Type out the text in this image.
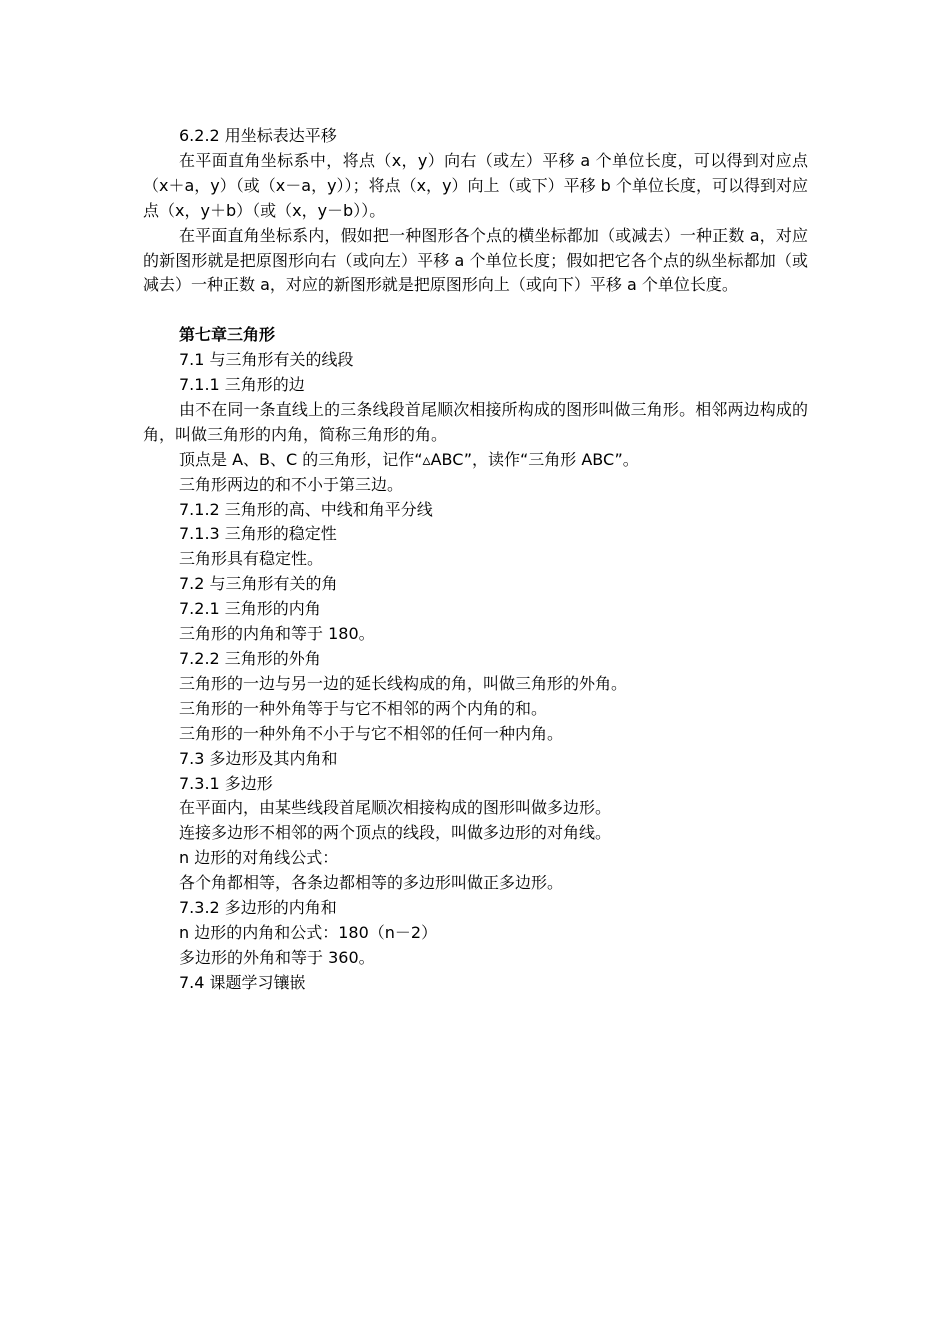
6.2.2 用坐标表达平移
在平面直角坐标系中，将点（x，y）向右（或左）平移 a 个单位长度，可以得到对应点（x＋a，y）（或（x－a，y））；将点（x，y）向上（或下）平移 b 个单位长度，可以得到对应点（x，y＋b）（或（x，y－b））。
在平面直角坐标系内，假如把一种图形各个点的横坐标都加（或减去）一种正数 a，对应的新图形就是把原图形向右（或向左）平移 a 个单位长度；假如把它各个点的纵坐标都加（或减去）一种正数 a，对应的新图形就是把原图形向上（或向下）平移 a 个单位长度。
第七章三角形
7.1 与三角形有关的线段
7.1.1 三角形的边
由不在同一条直线上的三条线段首尾顺次相接所构成的图形叫做三角形。相邻两边构成的角，叫做三角形的内角，简称三角形的角。
顶点是 A、B、C 的三角形，记作“▵ABC”，读作“三角形 ABC”。
三角形两边的和不小于第三边。
7.1.2 三角形的高、中线和角平分线
7.1.3 三角形的稳定性
三角形具有稳定性。
7.2 与三角形有关的角
7.2.1 三角形的内角
三角形的内角和等于 180。
7.2.2 三角形的外角
三角形的一边与另一边的延长线构成的角，叫做三角形的外角。
三角形的一种外角等于与它不相邻的两个内角的和。
三角形的一种外角不小于与它不相邻的任何一种内角。
7.3 多边形及其内角和
7.3.1 多边形
在平面内，由某些线段首尾顺次相接构成的图形叫做多边形。
连接多边形不相邻的两个顶点的线段，叫做多边形的对角线。
n 边形的对角线公式：
各个角都相等，各条边都相等的多边形叫做正多边形。
7.3.2 多边形的内角和
n 边形的内角和公式：180（n－2）
多边形的外角和等于 360。
7.4 课题学习镶嵌
